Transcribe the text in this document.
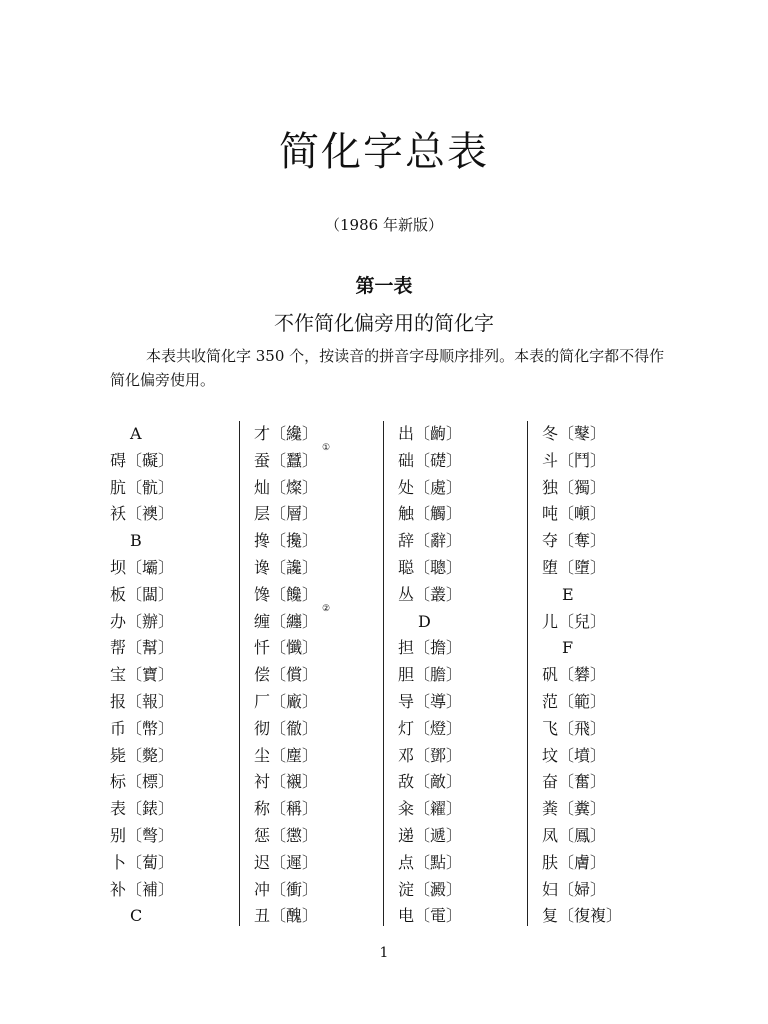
简化字总表
（1986 年新版）
第一表
不作简化偏旁用的简化字
本表共收简化字 350 个，按读音的拼音字母顺序排列。本表的简化字都不得作简化偏旁使用。
A
碍〔礙〕
肮〔骯〕
袄〔襖〕
B
坝〔壩〕
板〔闆〕
办〔辦〕
帮〔幫〕
宝〔寶〕
报〔報〕
币〔幣〕
毙〔斃〕
标〔標〕
表〔錶〕
别〔彆〕
卜〔蔔〕
补〔補〕
C
才〔纔〕
蚕〔蠶〕
①
灿〔燦〕
层〔層〕
搀〔攙〕
谗〔讒〕
馋〔饞〕
缠〔纏〕
②
忏〔懺〕
偿〔償〕
厂〔廠〕
彻〔徹〕
尘〔塵〕
衬〔襯〕
称〔稱〕
惩〔懲〕
迟〔遲〕
冲〔衝〕
丑〔醜〕
出〔齣〕
础〔礎〕
处〔處〕
触〔觸〕
辞〔辭〕
聪〔聰〕
丛〔叢〕
D
担〔擔〕
胆〔膽〕
导〔導〕
灯〔燈〕
邓〔鄧〕
敌〔敵〕
籴〔糴〕
递〔遞〕
点〔點〕
淀〔澱〕
电〔電〕
冬〔鼕〕
斗〔鬥〕
独〔獨〕
吨〔噸〕
夺〔奪〕
堕〔墮〕
E
儿〔兒〕
F
矾〔礬〕
范〔範〕
飞〔飛〕
坟〔墳〕
奋〔奮〕
粪〔糞〕
凤〔鳳〕
肤〔膚〕
妇〔婦〕
复〔復複〕
1
